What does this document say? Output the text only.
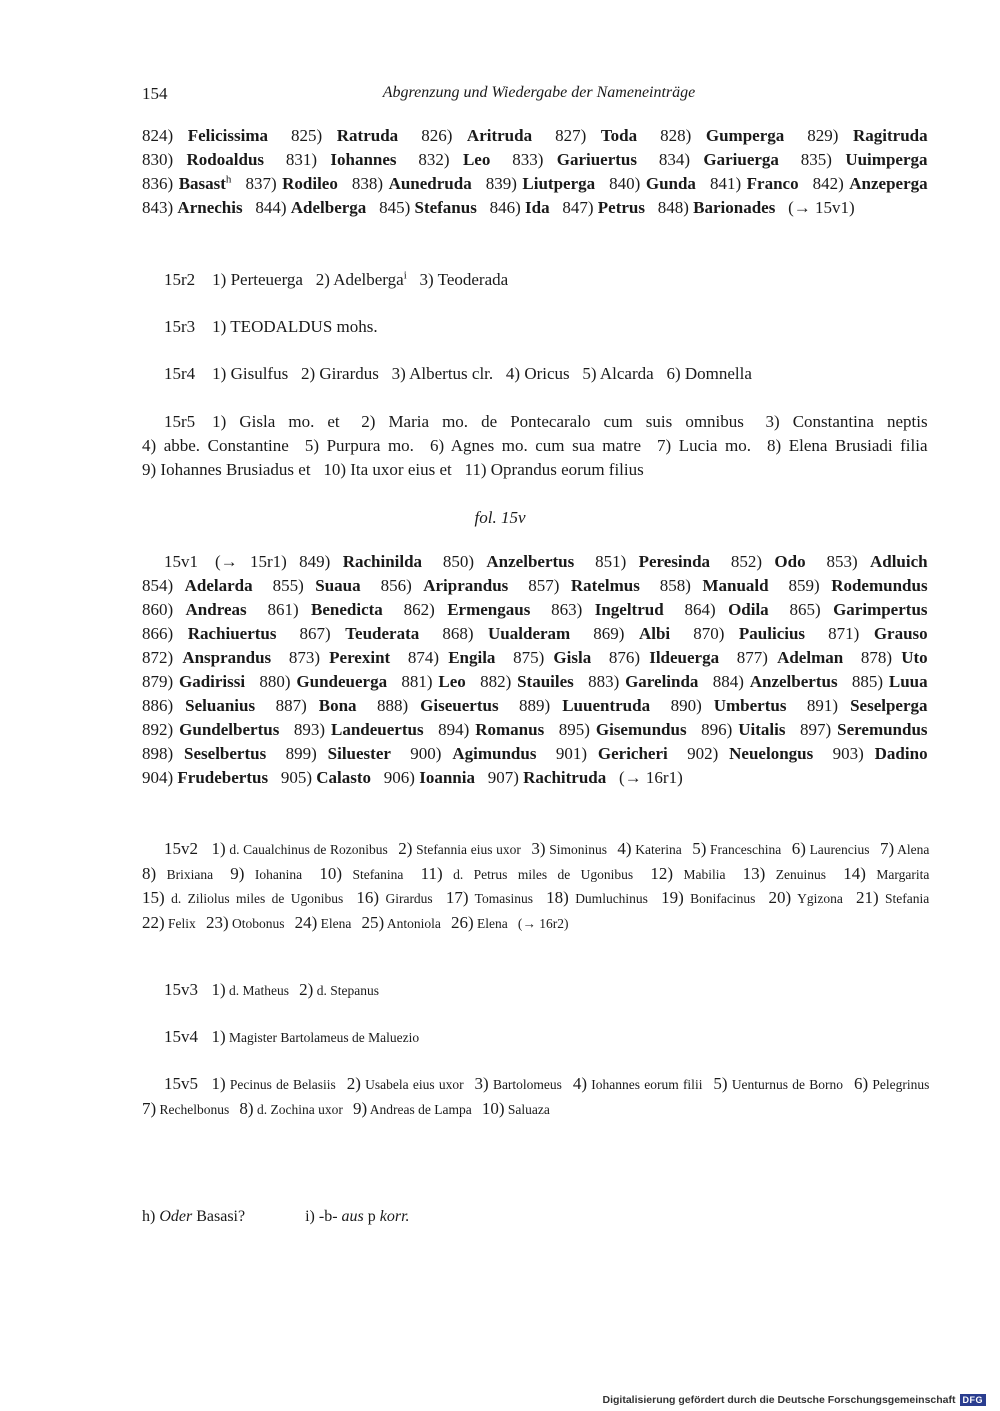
154	Abgrenzung und Wiedergabe der Nameneinträge
824) Felicissima  825) Ratruda  826) Aritruda  827) Toda  828) Gumperga  829) Ragitruda  830) Rodoaldus  831) Iohannes  832) Leo  833) Gariuertus  834) Gariuerga  835) Uuimperga  836) Basast$^h$  837) Rodileo  838) Aunedruda  839) Liutperga  840) Gunda  841) Franco  842) Anzeperga  843) Arnechis  844) Adelberga  845) Stefanus  846) Ida  847) Petrus  848) Barionades  (→ 15v1)
15r2  1) Perteuerga  2) Adelberga$^i$  3) Teoderada
15r3  1) TEODALDUS mohs.
15r4  1) Gisulfus  2) Girardus  3) Albertus clr.  4) Oricus  5) Alcarda  6) Domnella
15r5  1) Gisla mo. et  2) Maria mo. de Pontecaralo cum suis omnibus  3) Constantina neptis  4) abbe. Constantine  5) Purpura mo.  6) Agnes mo. cum sua matre  7) Lucia mo.  8) Elena Brusiadi filia  9) Iohannes Brusiadus et  10) Ita uxor eius et  11) Oprandus eorum filius
fol. 15v
15v1  (→ 15r1) 849) Rachinilda  850) Anzelbertus  851) Peresinda  852) Odo  853) Adluich  854) Adelarda  855) Suaua  856) Ariprandus  857) Ratelmus  858) Manuald  859) Rodemundus  860) Andreas  861) Benedicta  862) Ermengaus  863) Ingeltrud  864) Odila  865) Garimpertus  866) Rachiuertus  867) Teuderata  868) Uualderam  869) Albi  870) Paulicius  871) Grauso  872) Ansprandus  873) Perexint  874) Engila  875) Gisla  876) Ildeuerga  877) Adelman  878) Uto  879) Gadirissi  880) Gundeuerga  881) Leo  882) Stauiles  883) Garelinda  884) Anzelbertus  885) Luua  886) Seluanius  887) Bona  888) Giseuertus  889) Luuentruda  890) Umbertus  891) Seselperga  892) Gundelbertus  893) Landeuertus  894) Romanus  895) Gisemundus  896) Uitalis  897) Seremundus  898) Seselbertus  899) Siluester  900) Agimundus  901) Gericheri  902) Neuelongus  903) Dadino  904) Frudebertus  905) Calasto  906) Ioannia  907) Rachitruda  (→ 16r1)
15v2  1) d. Caualchinus de Rozonibus  2) Stefannia eius uxor  3) Simoninus  4) Katerina  5) Franceschina  6) Laurencius  7) Alena  8) Brixiana  9) Iohanina  10) Stefanina  11) d. Petrus miles de Ugonibus  12) Mabilia  13) Zenuinus  14) Margarita  15) d. Ziliolus miles de Ugonibus  16) Girardus  17) Tomasinus  18) Dumluchinus  19) Bonifacinus  20) Ygizona  21) Stefania  22) Felix  23) Otobonus  24) Elena  25) Antoniola  26) Elena  (→ 16r2)
15v3  1) d. Matheus  2) d. Stepanus
15v4  1) Magister Bartolameus de Maluezio
15v5  1) Pecinus de Belasiis  2) Usabela eius uxor  3) Bartolomeus  4) Iohannes eorum filii  5) Uenturnus de Borno  6) Pelegrinus  7) Rechelbonus  8) d. Zochina uxor  9) Andreas de Lampa  10) Saluaza
h) Oder Basasi?	i) -b- aus p korr.
Digitalisierung gefördert durch die Deutsche Forschungsgemeinschaft DFG
